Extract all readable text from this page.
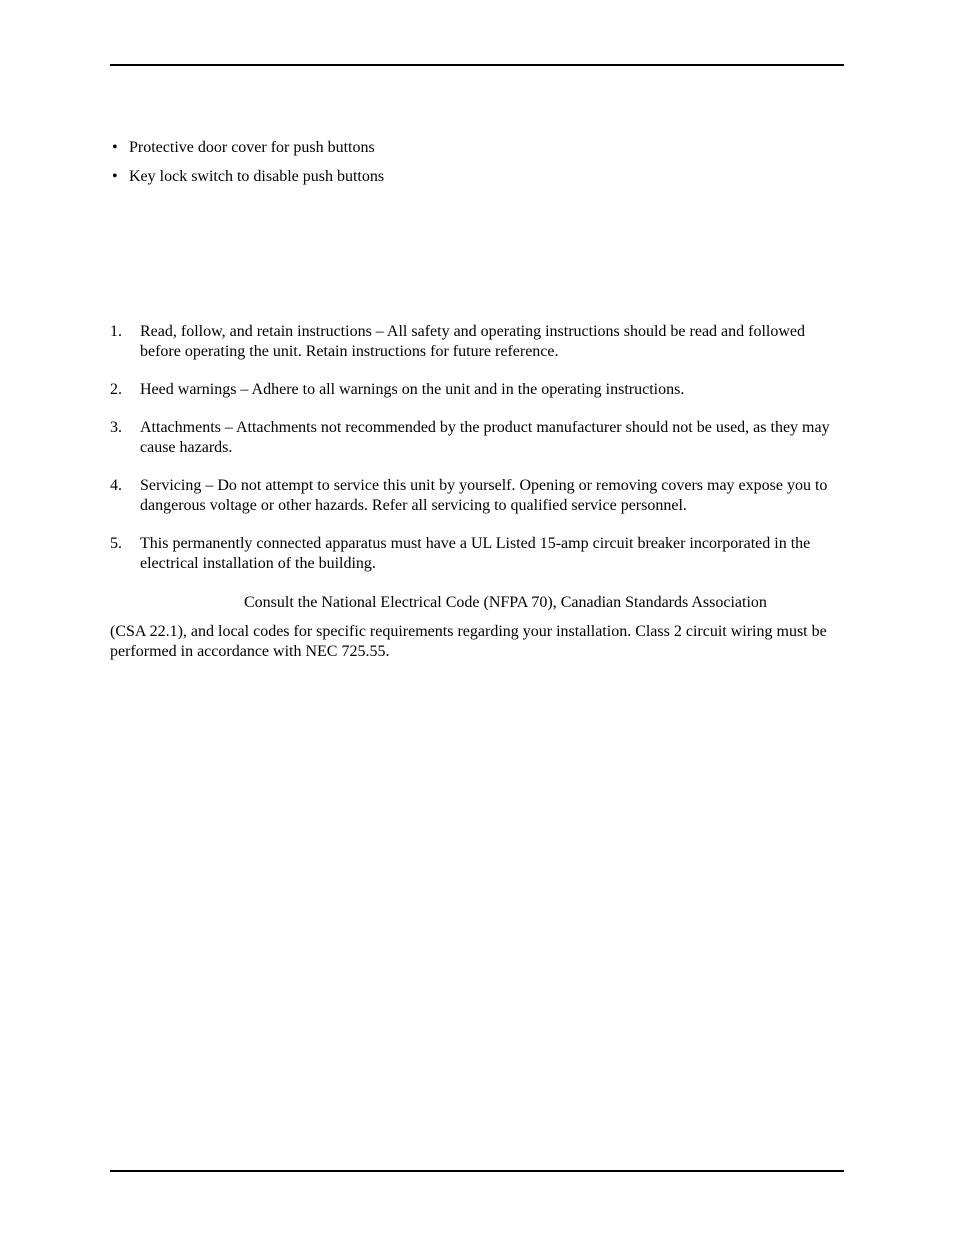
• Protective door cover for push buttons
• Key lock switch to disable push buttons
1. Read, follow, and retain instructions – All safety and operating instructions should be read and followed before operating the unit. Retain instructions for future reference.
2. Heed warnings – Adhere to all warnings on the unit and in the operating instructions.
3. Attachments – Attachments not recommended by the product manufacturer should not be used, as they may cause hazards.
4. Servicing – Do not attempt to service this unit by yourself. Opening or removing covers may expose you to dangerous voltage or other hazards. Refer all servicing to qualified service personnel.
5. This permanently connected apparatus must have a UL Listed 15-amp circuit breaker incorporated in the electrical installation of the building.

Consult the National Electrical Code (NFPA 70), Canadian Standards Association

(CSA 22.1), and local codes for specific requirements regarding your installation. Class 2 circuit wiring must be performed in accordance with NEC 725.55.
